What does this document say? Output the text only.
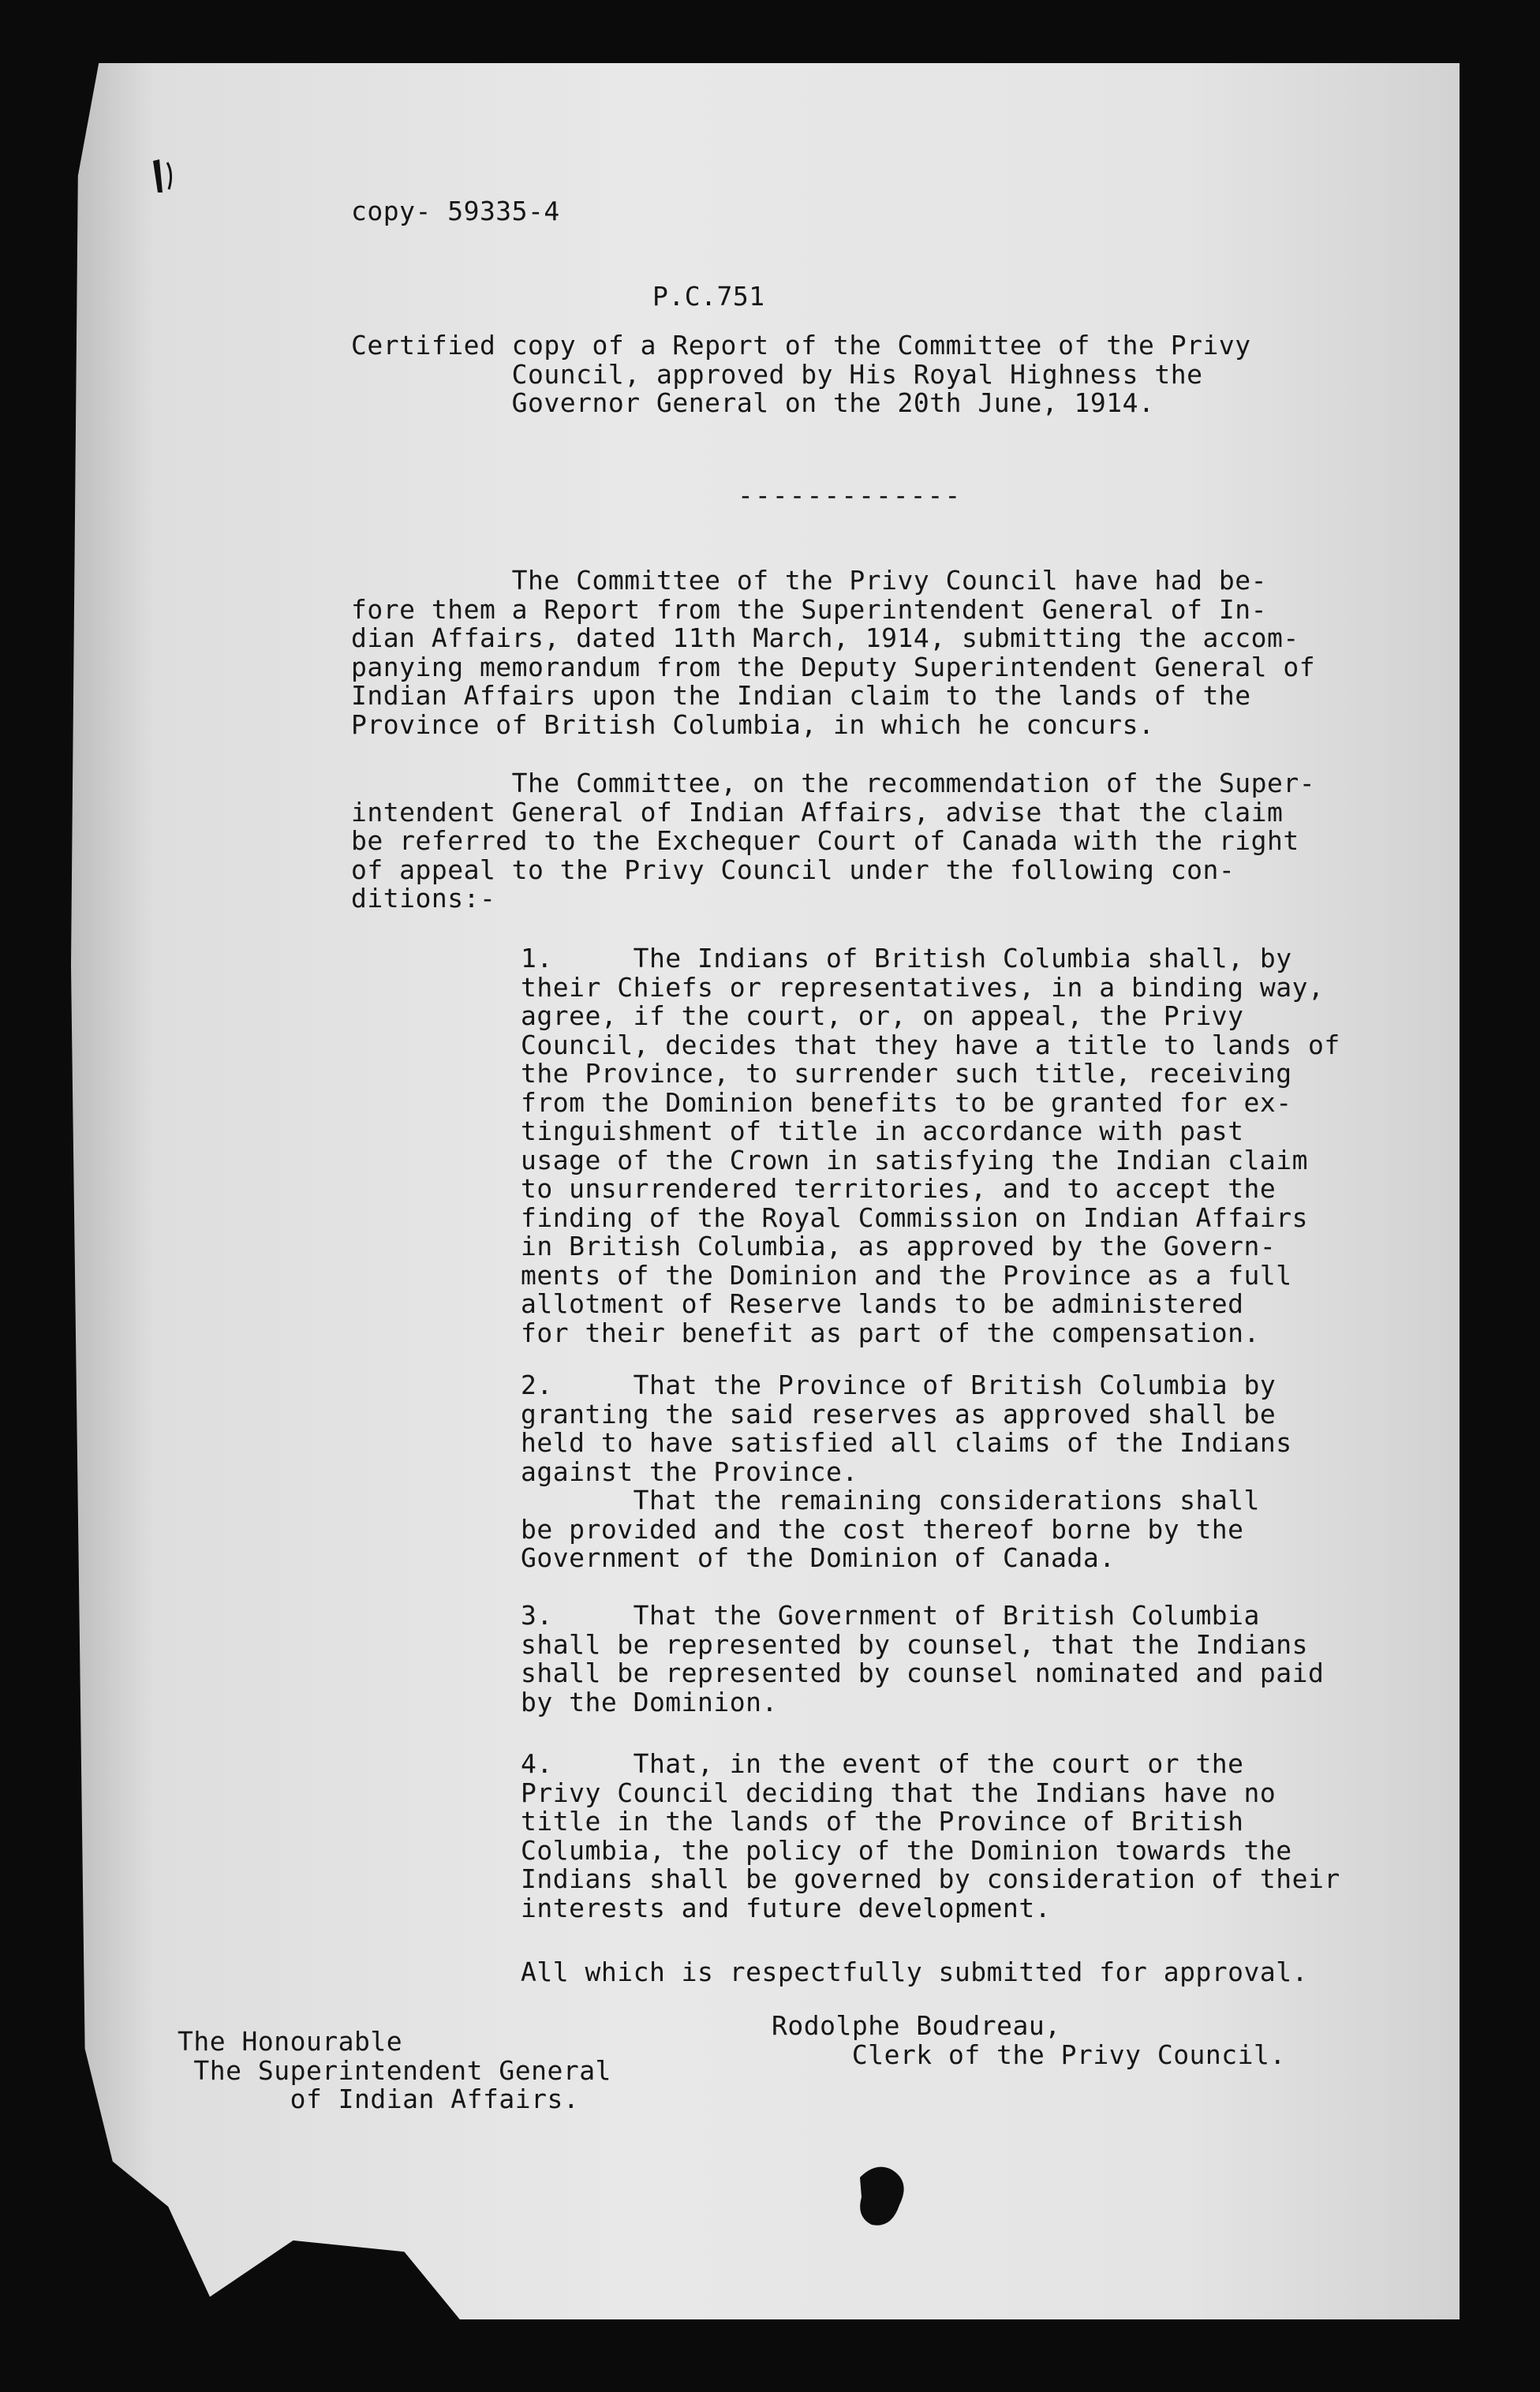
copy- 59335-4
P.C.751
Certified copy of a Report of the Committee of the Privy
Council, approved by His Royal Highness the
Governor General on the 20th June, 1914.
-------------
The Committee of the Privy Council have had be-
fore them a Report from the Superintendent General of In-
dian Affairs, dated 11th March, 1914, submitting the accom-
panying memorandum from the Deputy Superintendent General of
Indian Affairs upon the Indian claim to the lands of the
Province of British Columbia, in which he concurs.
The Committee, on the recommendation of the Super-
intendent General of Indian Affairs, advise that the claim
be referred to the Exchequer Court of Canada with the right
of appeal to the Privy Council under the following con-
ditions:-
1.     The Indians of British Columbia shall, by
their Chiefs or representatives, in a binding way,
agree, if the court, or, on appeal, the Privy
Council, decides that they have a title to lands of
the Province, to surrender such title, receiving
from the Dominion benefits to be granted for ex-
tinguishment of title in accordance with past
usage of the Crown in satisfying the Indian claim
to unsurrendered territories, and to accept the
finding of the Royal Commission on Indian Affairs
in British Columbia, as approved by the Govern-
ments of the Dominion and the Province as a full
allotment of Reserve lands to be administered
for their benefit as part of the compensation.
2.     That the Province of British Columbia by
granting the said reserves as approved shall be
held to have satisfied all claims of the Indians
against the Province.
That the remaining considerations shall
be provided and the cost thereof borne by the
Government of the Dominion of Canada.
3.     That the Government of British Columbia
shall be represented by counsel, that the Indians
shall be represented by counsel nominated and paid
by the Dominion.
4.     That, in the event of the court or the
Privy Council deciding that the Indians have no
title in the lands of the Province of British
Columbia, the policy of the Dominion towards the
Indians shall be governed by consideration of their
interests and future development.
All which is respectfully submitted for approval.
The Honourable
The Superintendent General
of Indian Affairs.
Rodolphe Boudreau,
Clerk of the Privy Council.
